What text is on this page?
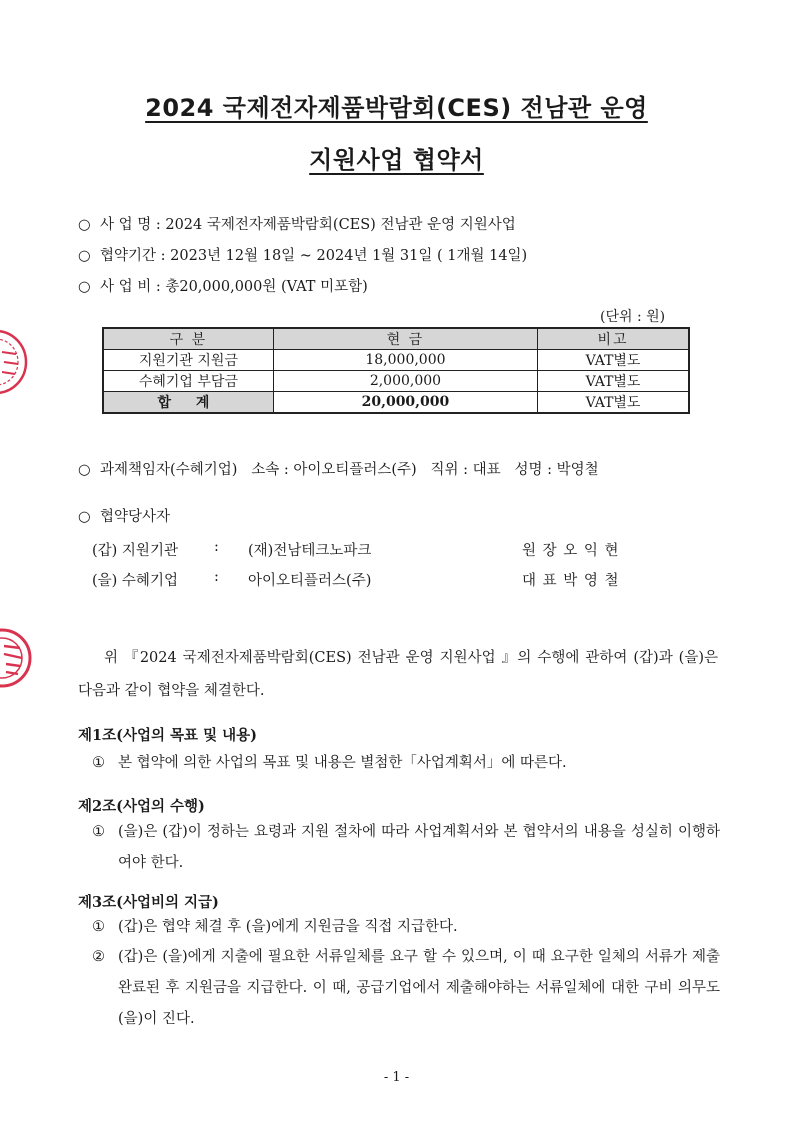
2024 국제전자제품박람회(CES) 전남관 운영
지원사업 협약서
○ 사 업 명 : 2024 국제전자제품박람회(CES) 전남관 운영 지원사업
○ 협약기간 : 2023년 12월 18일 ~ 2024년 1월 31일 ( 1개월 14일)
○ 사 업 비 : 총20,000,000원 (VAT 미포함)
(단위 : 원)
구 분	현 금	비고
지원기관 지원금	18,000,000	VAT별도
수혜기업 부담금	2,000,000	VAT별도
합 계	20,000,000	VAT별도
○ 과제책임자(수혜기업) 소속 : 아이오티플러스(주) 직위 : 대표 성명 : 박영철
○ 협약당사자
(갑) 지원기관 : (재)전남테크노파크	원 장 오 익 현
(을) 수혜기업 : 아이오티플러스(주)	대 표 박 영 철
위 『2024 국제전자제품박람회(CES) 전남관 운영 지원사업 』의 수행에 관하여 (갑)과 (을)은 다음과 같이 협약을 체결한다.
제1조(사업의 목표 및 내용)
① 본 협약에 의한 사업의 목표 및 내용은 별첨한「사업계획서」에 따른다.
제2조(사업의 수행)
① (을)은 (갑)이 정하는 요령과 지원 절차에 따라 사업계획서와 본 협약서의 내용을 성실히 이행하여야 한다.
제3조(사업비의 지급)
① (갑)은 협약 체결 후 (을)에게 지원금을 직접 지급한다.
② (갑)은 (을)에게 지출에 필요한 서류일체를 요구 할 수 있으며, 이 때 요구한 일체의 서류가 제출 완료된 후 지원금을 지급한다. 이 때, 공급기업에서 제출해야하는 서류일체에 대한 구비 의무도 (을)이 진다.
- 1 -
